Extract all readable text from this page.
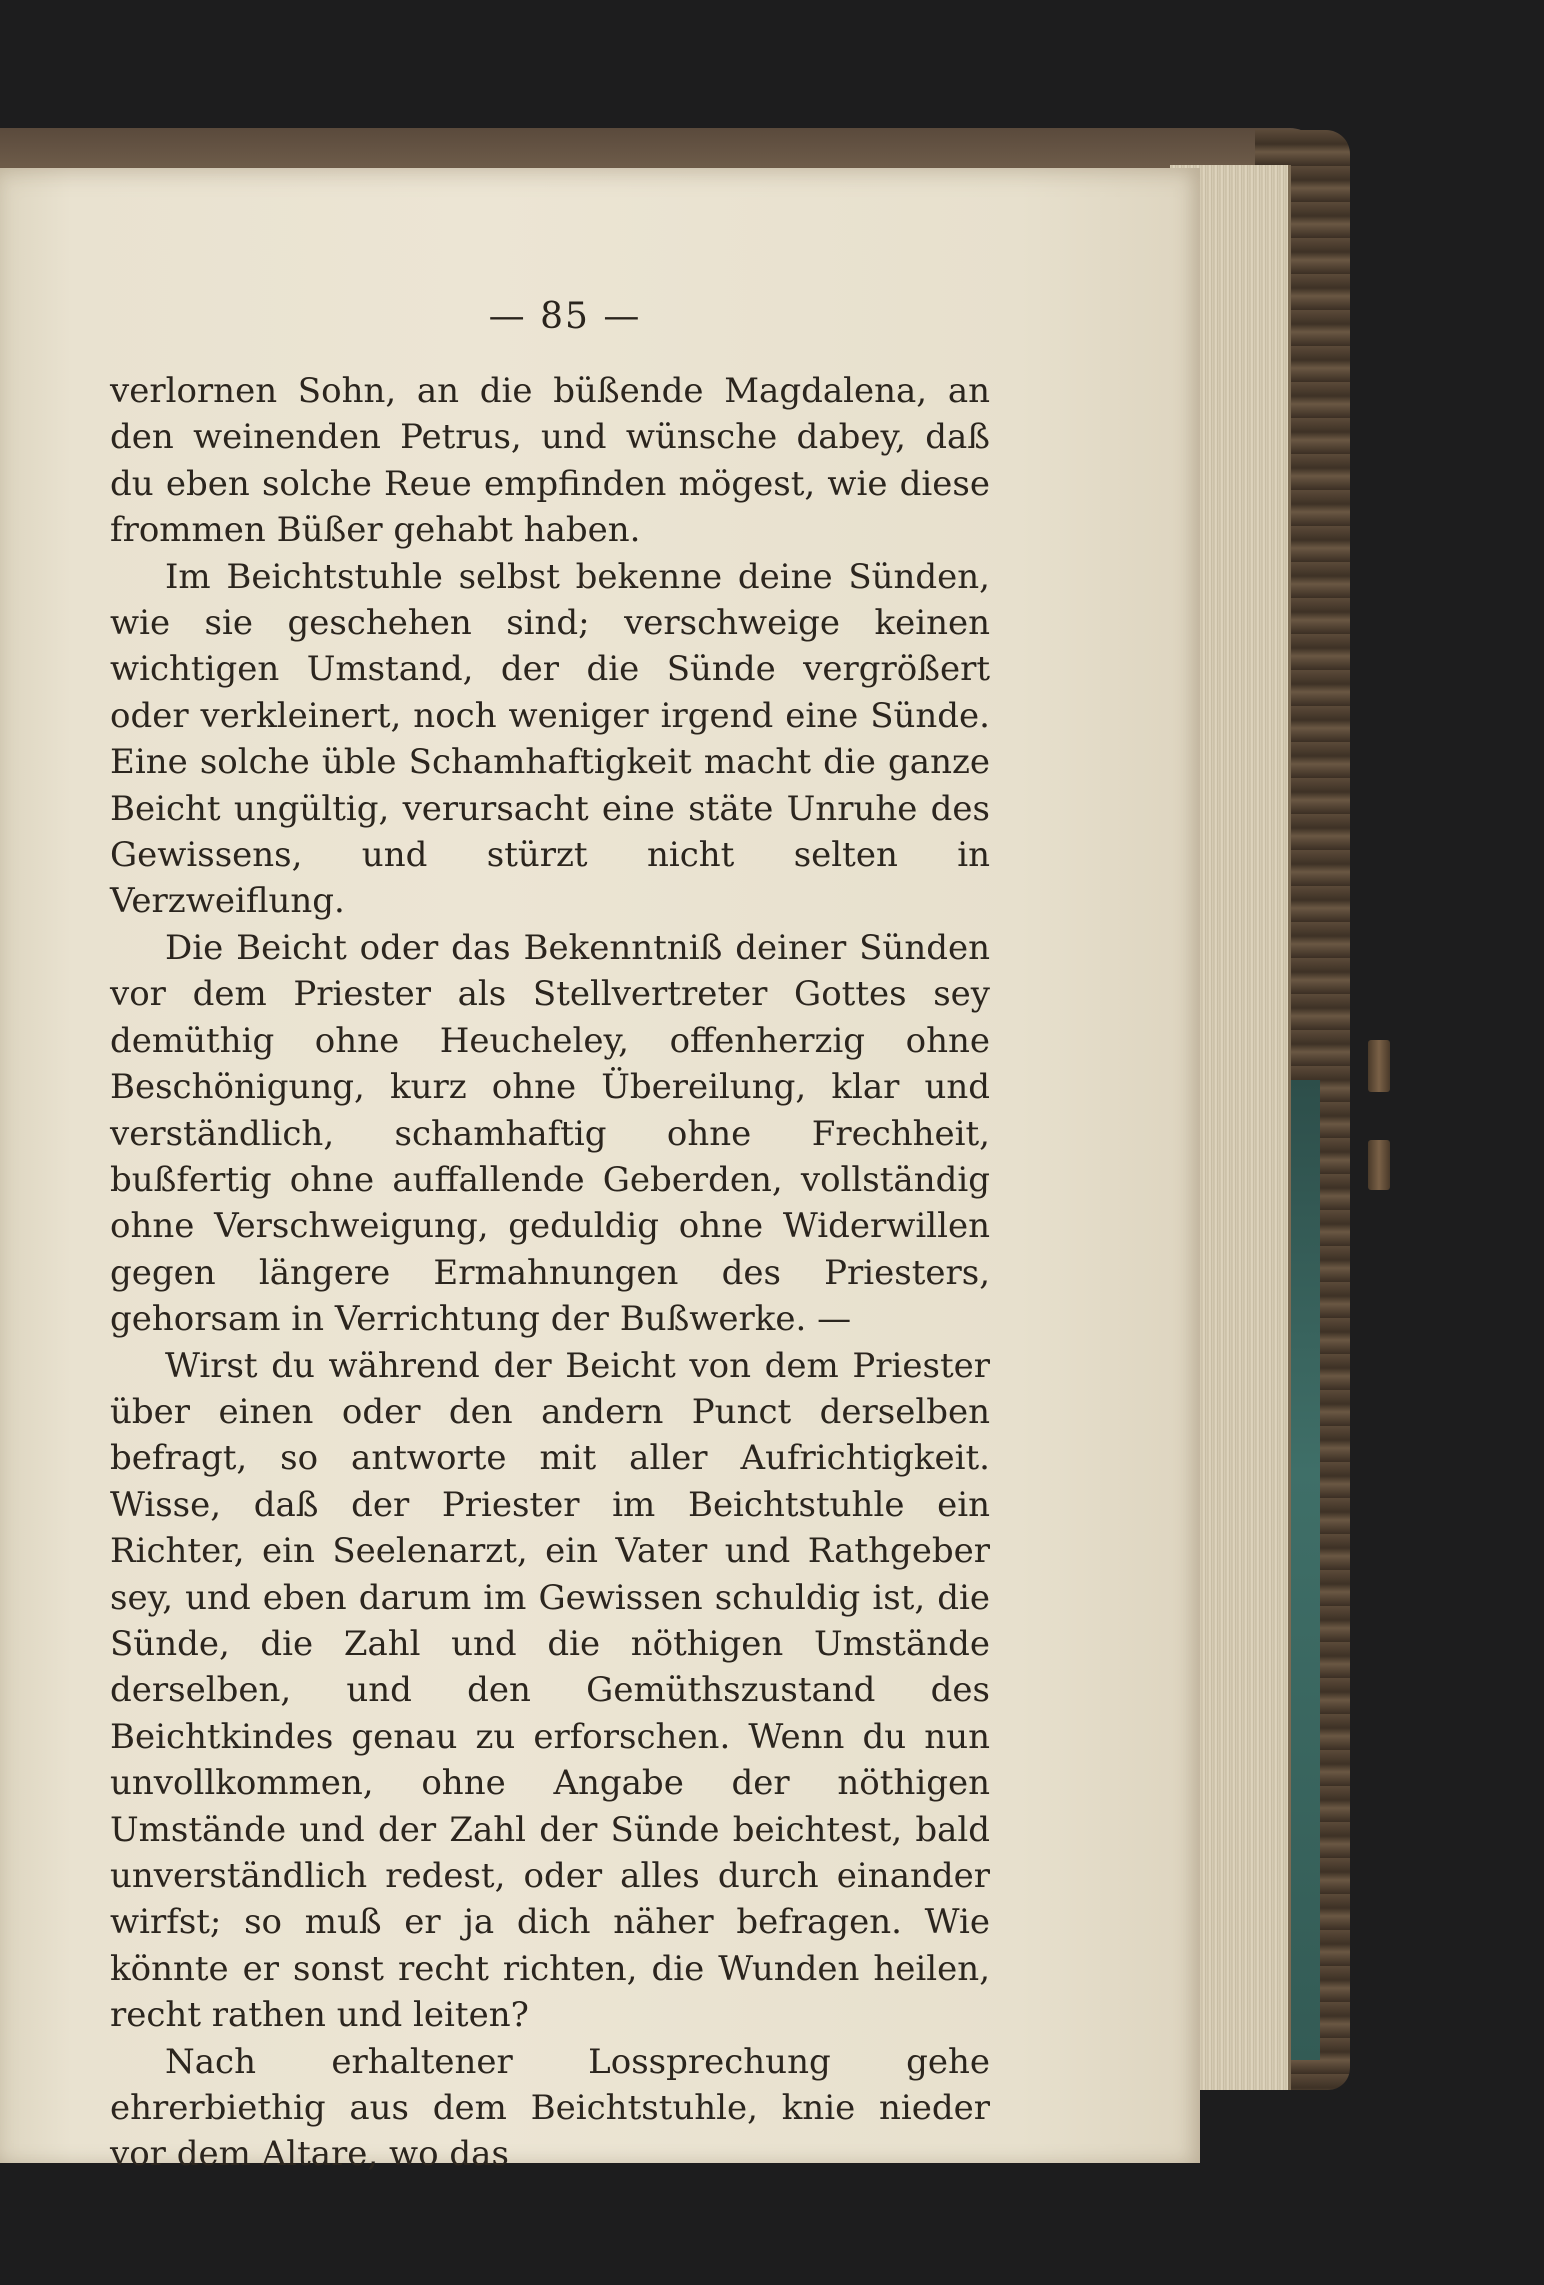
— 85 —

verlornen Sohn, an die büßende Magdalena, an den weinenden Petrus, und wünsche dabey, daß du eben solche Reue empfinden mögest, wie diese frommen Büßer gehabt haben.

Im Beichtstuhle selbst bekenne deine Sünden, wie sie geschehen sind; verschweige keinen wichtigen Umstand, der die Sünde vergrößert oder verkleinert, noch weniger irgend eine Sünde. Eine solche üble Schamhaftigkeit macht die ganze Beicht ungültig, verursacht eine stäte Unruhe des Gewissens, und stürzt nicht selten in Verzweiflung.

Die Beicht oder das Bekenntniß deiner Sünden vor dem Priester als Stellvertreter Gottes sey demüthig ohne Heucheley, offenherzig ohne Beschönigung, kurz ohne Übereilung, klar und verständlich, schamhaftig ohne Frechheit, bußfertig ohne auffallende Geberden, vollständig ohne Verschweigung, geduldig ohne Widerwillen gegen längere Ermahnungen des Priesters, gehorsam in Verrichtung der Bußwerke. —

Wirst du während der Beicht von dem Priester über einen oder den andern Punct derselben befragt, so antworte mit aller Aufrichtigkeit. Wisse, daß der Priester im Beichtstuhle ein Richter, ein Seelenarzt, ein Vater und Rathgeber sey, und eben darum im Gewissen schuldig ist, die Sünde, die Zahl und die nöthigen Umstände derselben, und den Gemüthszustand des Beichtkindes genau zu erforschen. Wenn du nun unvollkommen, ohne Angabe der nöthigen Umstände und der Zahl der Sünde beichtest, bald unverständlich redest, oder alles durch einander wirfst; so muß er ja dich näher befragen. Wie könnte er sonst recht richten, die Wunden heilen, recht rathen und leiten?

Nach erhaltener Lossprechung gehe ehrerbiethig aus dem Beichtstuhle, knie nieder vor dem Altare, wo das
